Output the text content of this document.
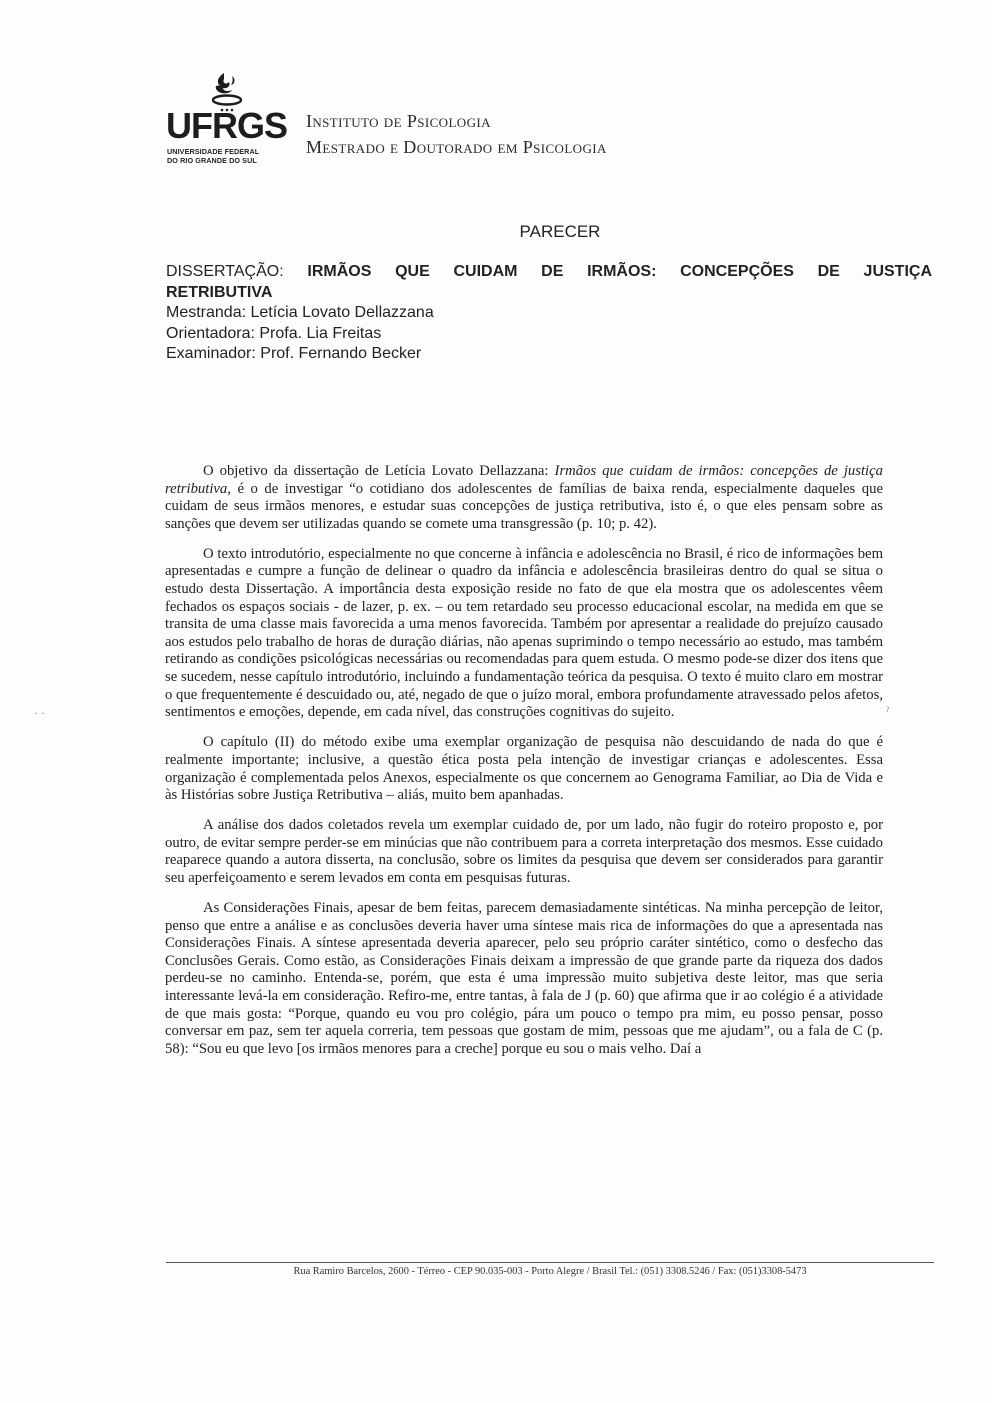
UFRGS
UNIVERSIDADE FEDERAL
DO RIO GRANDE DO SUL
Instituto de Psicologia
Mestrado e Doutorado em Psicologia
PARECER
DISSERTAÇÃO: IRMÃOS QUE CUIDAM DE IRMÃOS: CONCEPÇÕES DE JUSTIÇA
RETRIBUTIVA
Mestranda: Letícia Lovato Dellazzana
Orientadora: Profa. Lia Freitas
Examinador: Prof. Fernando Becker

O objetivo da dissertação de Letícia Lovato Dellazzana: Irmãos que cuidam de irmãos: concepções de justiça retributiva, é o de investigar “o cotidiano dos adolescentes de famílias de baixa renda, especialmente daqueles que cuidam de seus irmãos menores, e estudar suas concepções de justiça retributiva, isto é, o que eles pensam sobre as sanções que devem ser utilizadas quando se comete uma transgressão (p. 10; p. 42).

O texto introdutório, especialmente no que concerne à infância e adolescência no Brasil, é rico de informações bem apresentadas e cumpre a função de delinear o quadro da infância e adolescência brasileiras dentro do qual se situa o estudo desta Dissertação. A importância desta exposição reside no fato de que ela mostra que os adolescentes vêem fechados os espaços sociais - de lazer, p. ex. – ou tem retardado seu processo educacional escolar, na medida em que se transita de uma classe mais favorecida a uma menos favorecida. Também por apresentar a realidade do prejuízo causado aos estudos pelo trabalho de horas de duração diárias, não apenas suprimindo o tempo necessário ao estudo, mas também retirando as condições psicológicas necessárias ou recomendadas para quem estuda. O mesmo pode-se dizer dos itens que se sucedem, nesse capítulo introdutório, incluindo a fundamentação teórica da pesquisa. O texto é muito claro em mostrar o que frequentemente é descuidado ou, até, negado de que o juízo moral, embora profundamente atravessado pelos afetos, sentimentos e emoções, depende, em cada nível, das construções cognitivas do sujeito.

O capítulo (II) do método exibe uma exemplar organização de pesquisa não descuidando de nada do que é realmente importante; inclusive, a questão ética posta pela intenção de investigar crianças e adolescentes. Essa organização é complementada pelos Anexos, especialmente os que concernem ao Genograma Familiar, ao Dia de Vida e às Histórias sobre Justiça Retributiva – aliás, muito bem apanhadas.

A análise dos dados coletados revela um exemplar cuidado de, por um lado, não fugir do roteiro proposto e, por outro, de evitar sempre perder-se em minúcias que não contribuem para a correta interpretação dos mesmos. Esse cuidado reaparece quando a autora disserta, na conclusão, sobre os limites da pesquisa que devem ser considerados para garantir seu aperfeiçoamento e serem levados em conta em pesquisas futuras.

As Considerações Finais, apesar de bem feitas, parecem demasiadamente sintéticas. Na minha percepção de leitor, penso que entre a análise e as conclusões deveria haver uma síntese mais rica de informações do que a apresentada nas Considerações Finais. A síntese apresentada deveria aparecer, pelo seu próprio caráter sintético, como o desfecho das Conclusões Gerais. Como estão, as Considerações Finais deixam a impressão de que grande parte da riqueza dos dados perdeu-se no caminho. Entenda-se, porém, que esta é uma impressão muito subjetiva deste leitor, mas que seria interessante levá-la em consideração. Refiro-me, entre tantas, à fala de J (p. 60) que afirma que ir ao colégio é a atividade de que mais gosta: “Porque, quando eu vou pro colégio, pára um pouco o tempo pra mim, eu posso pensar, posso conversar em paz, sem ter aquela correria, tem pessoas que gostam de mim, pessoas que me ajudam”, ou a fala de C (p. 58): “Sou eu que levo [os irmãos menores para a creche] porque eu sou o mais velho. Daí a

· ·	ˀ
Rua Ramiro Barcelos, 2600 - Térreo - CEP 90.035-003 - Porto Alegre / Brasil Tel.: (051) 3308.5246 / Fax: (051)3308-5473
